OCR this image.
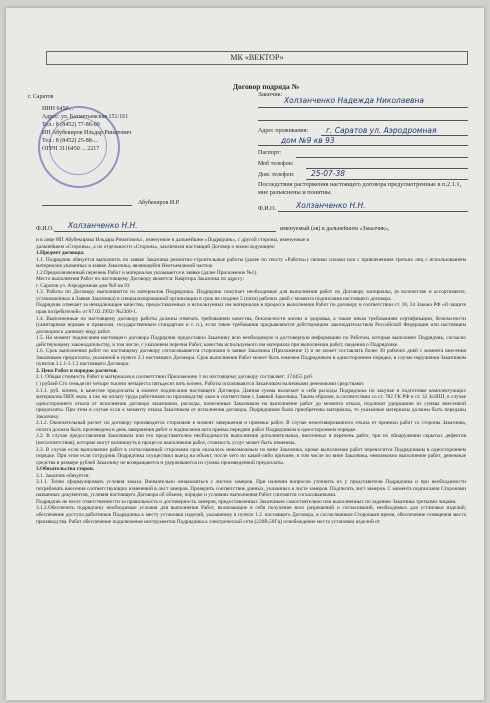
МК «ВЕКТОР»
Договор подряда №
г. Саратов
ИНН 6450...
Адрес: ул. Бахметьевская 151/161
Тел.: 8 (8452) 77-86-09
ИП Абубекиров Ильдар Ринатович
Тел.: 8 (8452) 25-88-...
ОГРН 3116450 ... 2217
Абубекиров И.Р.
Заказчик:
Холзанченко Надежда Николаевна
Адрес проживания: г. Саратов ул. Аэродромная
дом №9 кв 93
Паспорт:
Моб телефон:
Дом. телефон: 25-07-38
Последствия расторжения настоящего договора предусмотренные в п.2.1.1, мне разъяснены и понятны.
Ф.И.О.	Холзанченко Н.Н.
Ф.И.О. Холзанченко Н.Н.	именуемый (ая) в дальнейшем «Заказчик»,

и в лице ИП Абубекирова Ильдара Ринатовича , именуемое в дальнейшем «Подрядчик», с другой стороны, именуемые в

дальнейшем «Стороны», а по отдельности «Сторона», заключили настоящий Договор о нижеследующем:

1.Предмет договора.

1.1. Подрядчик обязуется выполнить по заявке Заказчика ремонтно-строительные работы (далее по тексту «Работы») своими силами или с привлечением третьих лиц с использованием материалов указанных в заявке Заказчика, являющейся Неотъемлемой частью

1.2.Предназначенный перечень Работ и материалов указывается в заявке (далее Приложение №1).

Место выполнения Работ по настоящему Договору является: Квартира Заказчика по адресу:

г. Саратов ул. Аэродромная дом №9 кв 93

1.3. Работы по Договору выполняются из материалов Подрядчика. Подрядчик покупает необходимые для выполнения работ по Договору материалы, (в количестве и ассортименте, установленных в Заявке Заказчика) в специализированной организации в срок не позднее 5 (пяти) рабочих дней с момента подписания настоящего договора.

Подрядчик отвечает за ненадлежащее качество, предоставленных и используемых им материалов в процессе выполнения Работ по договору в соответствии ст. 18, 34 Закона РФ «О защите прав потребителей» от 07.02.1992г №2300-1.

1.4. Выполненные по настоящему договору работы должны отвечать требованиям качества, безопасности жизни и здоровья, а также иным требованиям сертификации, безопасности (санитарным нормам и правилам, государственным стандартам и т. п.), если такие требования предъявляются действующим законодательством Российской Федерации или настоящим договором к данному виду работ.

1.5. На момент подписания настоящего договора Подрядчик предоставил Заказчику всю необходимую и достоверную информацию по Работам, которые выполняет Подрядчик, согласно действующему законодательству, в том числе, с указанием перечня Работ, качества используемого им материала при выполнении работ, сведения о Подрядчике.

1.6. Срок выполнения работ по настоящему договору согласовывается сторонами в заявке Заказчика (Приложение 1) и не может составлять более 30 рабочих дней с момента внесения Заказчиком предоплаты, указанной в пункте 2.1 настоящего Договора. Срок выполнения Работ может быть изменен Подрядчиком в одностороннем порядке, в случае нарушения Заказчиком пунктов 3.1.1-3.1.2 настоящего Договора.

2. Цена Работ и порядок расчетов.

2.1. Общая стоимость Работ и материалов в соответствии Приложению 1 по настоящему договору составляет: 174455 руб.

( ) рублей Сто семьдесят четыре тысячи четыреста пятьдесят пять копеек. Работы оплачиваются Заказчиком наличными денежными средствами:

2.1.1. руб. копеек, в качестве предоплаты в момент подписания настоящего Договора. Данная сумма включает в себя расходы Подрядчика по закупке и подготовке комплектующих материалов ПВХ окон, а так же оплату труда работников по производству окон в соответствии с Заявкой Заказчика. Таким образом, в соответствии со ст. 782 ГК РФ и ст. 32 ЗоЗПП, в случае одностороннего отказа от исполнения договора заказчиком, расходы, понесенные Заказчиком на выполнение работ до момента отказа, подлежат удержанию из суммы внесенной предоплаты. При этом в случае если к моменту отказа Заказчиком от исполнения договора, Подрядчиком были приобретены материалы, то указанные материалы должны быть переданы Заказчику.

2.1.2. Окончательный расчет по договору производится сторонами в момент завершения и приемки работ. В случае немотивированного отказа от приемки работ со стороны Заказчика, оплата должна быть произведена в день завершения работ и подписания акта приема передачи работ Подрядчиком в одностороннем порядке.

2.2. В случае предоставления Заказчиком или его представителем необходимости выполнения дополнительных, внесенных в перечень работ, при их обнаружении скрытых дефектов (несоответствия), которые могут возникнуть в процессе выполнения работ, стоимость услуг может быть изменена.

2.3. В случае если выполнение работ в согласованный сторонами срок оказалось невозможным по вине Заказчика, кроме выполнения работ переносится Подрядчиком в одностороннем порядке. При этом если сотрудник Подрядчика осуществил выезд на объект, после чего по какой-либо причине, в том числе по вине Заказчика, невозможно выполнение работ, денежные средства в размере рублей Заказчику не возвращаются и удерживаются из суммы произведенной предоплаты.

3.Обязательства сторон.

3.1. Заказчик обязуется:

3.1.1. Точно сформулировать условия заказа. Внимательно ознакомиться с листом замеров. При наличии вопросов уточнить их у представителя Подрядчика и при необходимости потребовать внесения соответствующих изменений в лист замеров. Проверить соответствие данных, указанных в листе замеров. Подписать лист замеров. С момента подписания Сторонами названных документов, условия настоящего Договора об объеме, порядке и условиях выполнения Работ считаются согласованными.

Подрядчик не несет ответственности за правильность и достоверность замеров, предоставленных Заказчиком самостоятельно или выполненных по заданию Заказчика третьими лицами.

3.1.2.Обеспечить подрядчику необходимые условия для выполнения Работ, включающие в себя получение всех разрешений и согласований, необходимых для установки изделий, обеспечение доступа работников Подрядчика к месту установки изделий, указанному в пункте 1.2. настоящего Договора, в согласованное Сторонами время, обеспечение освещения места производства. Работ обеспечение подключения инструментов Подрядчика к электрической сети (220В,50Гц) освобождение места установки изделий от
